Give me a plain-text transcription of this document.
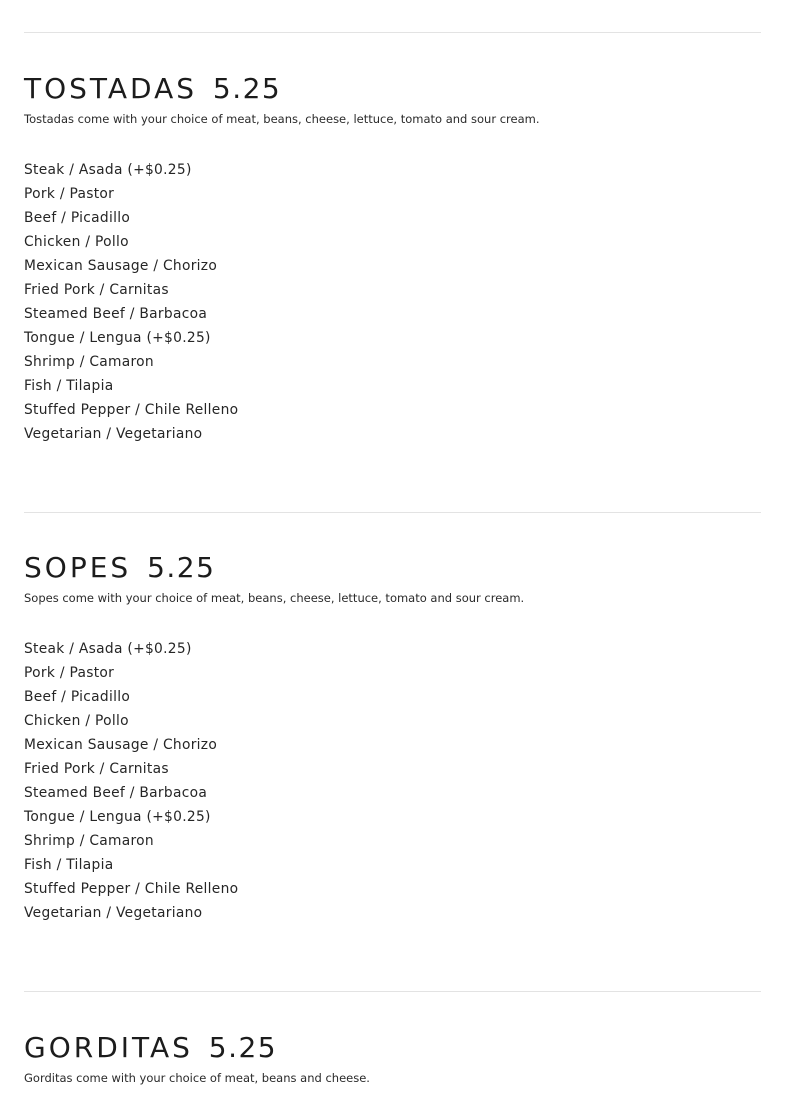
TOSTADAS 5.25

Tostadas come with your choice of meat, beans, cheese, lettuce, tomato and sour cream.

Steak / Asada (+$0.25)
Pork / Pastor
Beef / Picadillo
Chicken / Pollo
Mexican Sausage / Chorizo
Fried Pork / Carnitas
Steamed Beef / Barbacoa
Tongue / Lengua (+$0.25)
Shrimp / Camaron
Fish / Tilapia
Stuffed Pepper / Chile Relleno
Vegetarian / Vegetariano
SOPES 5.25

Sopes come with your choice of meat, beans, cheese, lettuce, tomato and sour cream.

Steak / Asada (+$0.25)
Pork / Pastor
Beef / Picadillo
Chicken / Pollo
Mexican Sausage / Chorizo
Fried Pork / Carnitas
Steamed Beef / Barbacoa
Tongue / Lengua (+$0.25)
Shrimp / Camaron
Fish / Tilapia
Stuffed Pepper / Chile Relleno
Vegetarian / Vegetariano
GORDITAS 5.25

Gorditas come with your choice of meat, beans and cheese.
